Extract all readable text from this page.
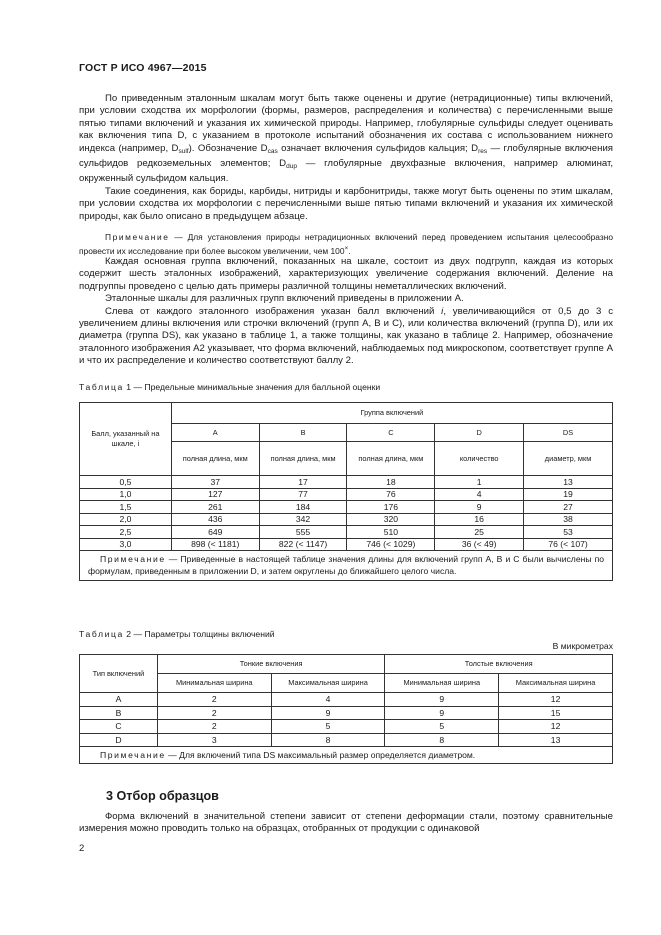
ГОСТ Р ИСО 4967—2015

По приведенным эталонным шкалам могут быть также оценены и другие (нетрадиционные) типы включений, при условии сходства их морфологии (формы, размеров, распределения и количества) с перечисленными выше пятью типами включений и указания их химической природы. Например, глобулярные сульфиды следует оценивать как включения типа D, с указанием в протоколе испытаний обозначения их состава с использованием нижнего индекса (например, $D_{sulf}$). Обозначение $D_{cas}$ означает включения сульфидов кальция; $D_{res}$ — глобулярные включения сульфидов редкоземельных элементов; $D_{dup}$ — глобулярные двухфазные включения, например алюминат, окруженный сульфидом кальция.

Такие соединения, как бориды, карбиды, нитриды и карбонитриды, также могут быть оценены по этим шкалам, при условии сходства их морфологии с перечисленными выше пятью типами включений и указания их химической природы, как было описано в предыдущем абзаце.

Примечание — Для установления природы нетрадиционных включений перед проведением испытания целесообразно провести их исследование при более высоком увеличении, чем 100×.

Каждая основная группа включений, показанных на шкале, состоит из двух подгрупп, каждая из которых содержит шесть эталонных изображений, характеризующих увеличение содержания включений. Деление на подгруппы проведено с целью дать примеры различной толщины неметаллических включений.

Эталонные шкалы для различных групп включений приведены в приложении А.

Слева от каждого эталонного изображения указан балл включений i, увеличивающийся от 0,5 до 3 с увеличением длины включения или строчки включений (групп А, В и С), или количества включений (группа D), или их диаметра (группа DS), как указано в таблице 1, а также толщины, как указано в таблице 2. Например, обозначение эталонного изображения А2 указывает, что форма включений, наблюдаемых под микроскопом, соответствует группе А и что их распределение и количество соответствуют баллу 2.

Таблица 1 — Предельные минимальные значения для балльной оценки
Балл, указанный на шкале, i	Группа включений				
	A	B	C	D	DS
	полная длина, мкм	полная длина, мкм	полная длина, мкм	количество	диаметр, мкм
0,5	37	17	18	1	13
1,0	127	77	76	4	19
1,5	261	184	176	9	27
2,0	436	342	320	16	38
2,5	649	555	510	25	53
3,0	898 (< 1181)	822 (< 1147)	746 (< 1029)	36 (< 49)	76 (< 107)

Примечание — Приведенные в настоящей таблице значения длины для включений групп А, В и С были вычислены по формулам, приведенным в приложении D, и затем округлены до ближайшего целого числа.					

Таблица 2 — Параметры толщины включений
В микрометрах
Тип включений	Тонкие включения		Толстые включения	
	Минимальная ширина	Максимальная ширина	Минимальная ширина	Максимальная ширина
A	2	4	9	12
B	2	9	9	15
C	2	5	5	12
D	3	8	8	13

Примечание — Для включений типа DS максимальный размер определяется диаметром.				

3 Отбор образцов

Форма включений в значительной степени зависит от степени деформации стали, поэтому сравнительные измерения можно проводить только на образцах, отобранных от продукции с одинаковой

2
